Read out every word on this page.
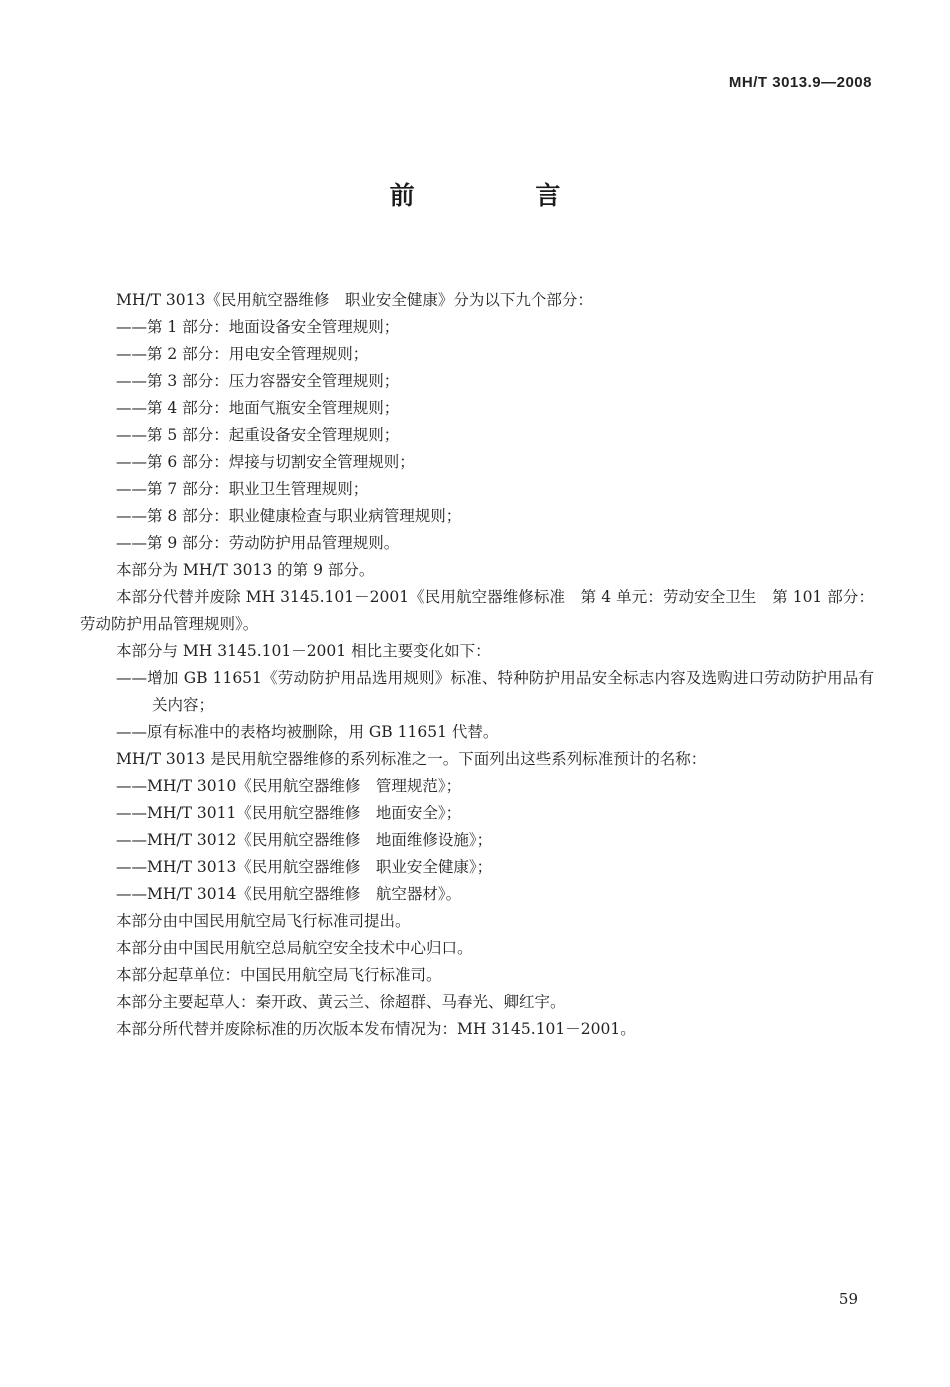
MH/T 3013.9—2008
前 言

MH/T 3013《民用航空器维修　职业安全健康》分为以下九个部分：

——第 1 部分：地面设备安全管理规则；

——第 2 部分：用电安全管理规则；

——第 3 部分：压力容器安全管理规则；

——第 4 部分：地面气瓶安全管理规则；

——第 5 部分：起重设备安全管理规则；

——第 6 部分：焊接与切割安全管理规则；

——第 7 部分：职业卫生管理规则；

——第 8 部分：职业健康检查与职业病管理规则；

——第 9 部分：劳动防护用品管理规则。

本部分为 MH/T 3013 的第 9 部分。

本部分代替并废除 MH 3145.101－2001《民用航空器维修标准　第 4 单元：劳动安全卫生　第 101 部分：劳动防护用品管理规则》。

本部分与 MH 3145.101－2001 相比主要变化如下：

——增加 GB 11651《劳动防护用品选用规则》标准、特种防护用品安全标志内容及选购进口劳动防护用品有关内容；

——原有标准中的表格均被删除，用 GB 11651 代替。

MH/T 3013 是民用航空器维修的系列标准之一。下面列出这些系列标准预计的名称：

——MH/T 3010《民用航空器维修　管理规范》；

——MH/T 3011《民用航空器维修　地面安全》；

——MH/T 3012《民用航空器维修　地面维修设施》；

——MH/T 3013《民用航空器维修　职业安全健康》；

——MH/T 3014《民用航空器维修　航空器材》。

本部分由中国民用航空局飞行标准司提出。

本部分由中国民用航空总局航空安全技术中心归口。

本部分起草单位：中国民用航空局飞行标准司。

本部分主要起草人：秦开政、黄云兰、徐超群、马春光、卿红宇。

本部分所代替并废除标准的历次版本发布情况为：MH 3145.101－2001。

59
